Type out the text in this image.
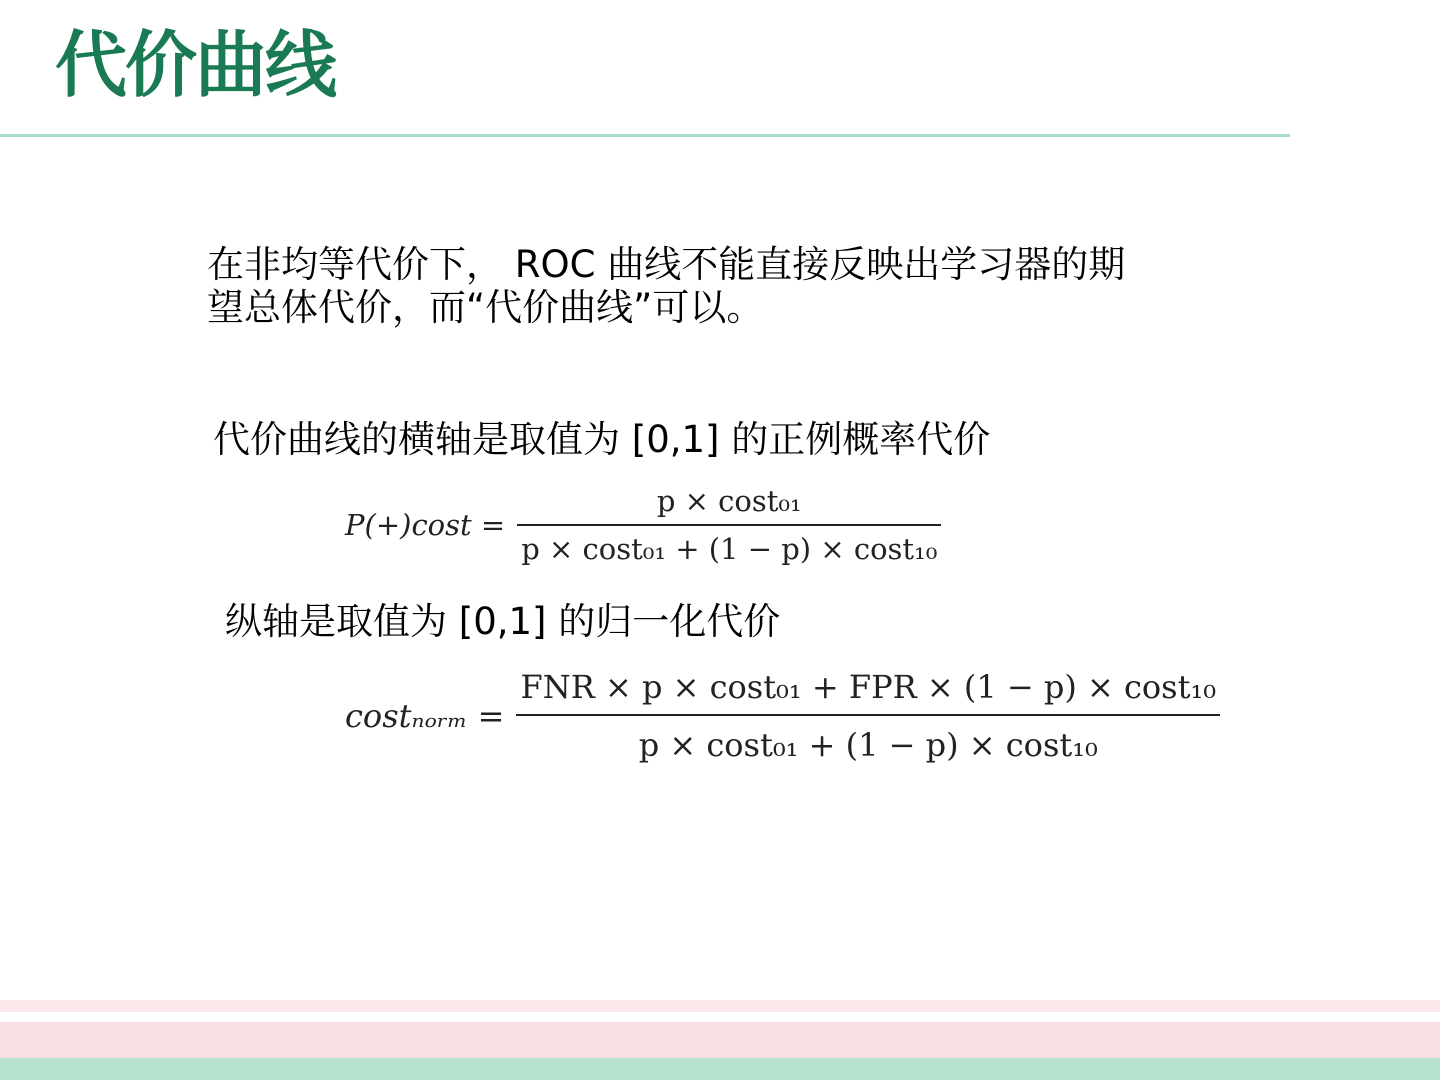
代价曲线
在非均等代价下， ROC 曲线不能直接反映出学习器的期
望总体代价，而“代价曲线”可以。
代价曲线的横轴是取值为 [0,1] 的正例概率代价
$P(+)\cos t = \frac{\text{p × cost₀₁}}{\text{p × cost₀₁ + (1 − p) × cost₁₀}}$
纵轴是取值为 [0,1] 的归一化代价
costₙₒᵣₘ = $\frac{\text{FNR × p × cost₀₁ + FPR × (1 − p) × cost₁₀}}{\text{p × cost₀₁ + (1 − p) × cost₁₀}}$
